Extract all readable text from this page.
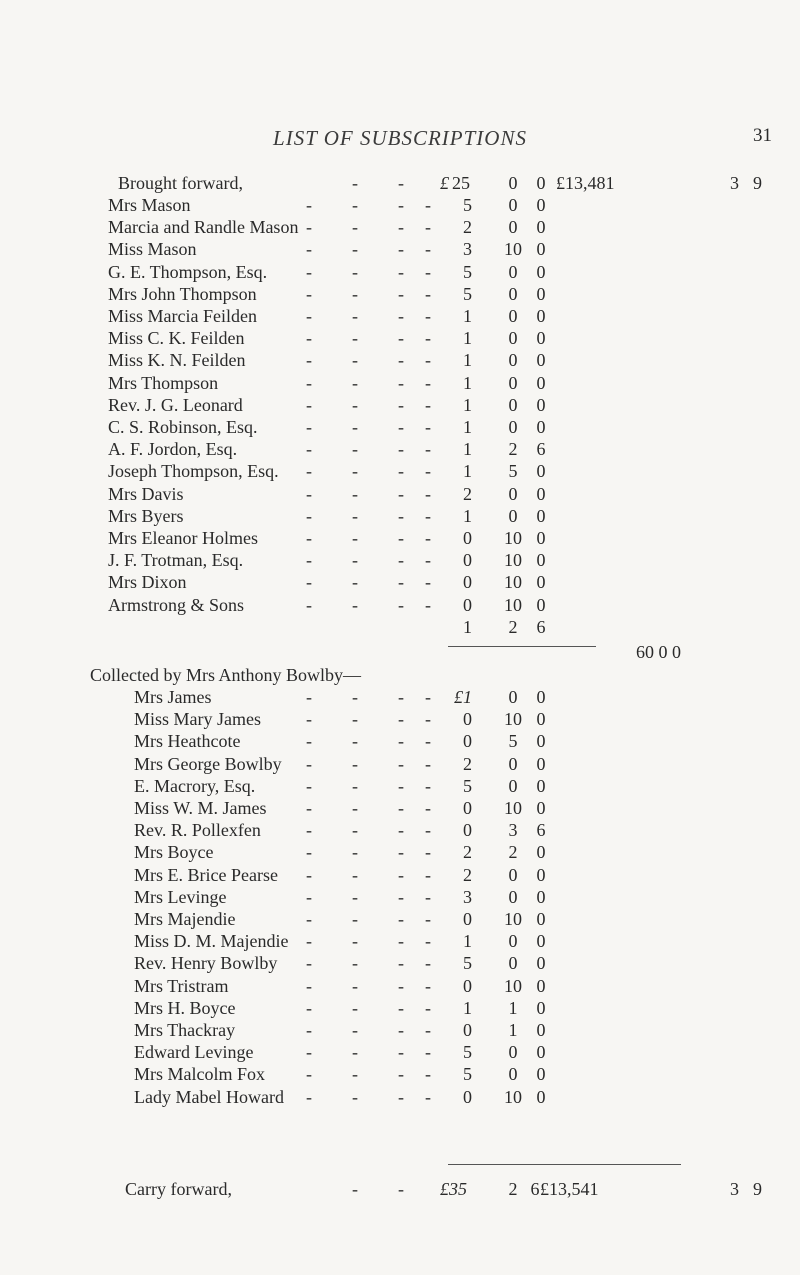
LIST OF SUBSCRIPTIONS	31
Brought forward,	- - £ 25	0	0 £13,481	3 9
Mrs Mason	- - - -	5	0	0
Marcia and Randle Mason - - - -	2	0	0
Miss Mason	- - - -	3 10 0
G. E. Thompson, Esq. - - - -	5	0	0
Mrs John Thompson	- - - -	5	0	0
Miss Marcia Feilden	- - - -	1	0	0
Miss C. K. Feilden	- - - -	1	0	0
Miss K. N. Feilden	- - - -	1	0	0
Mrs Thompson	- - - -	1	0	0
Rev. J. G. Leonard	- - - -	1	0	0
C. S. Robinson, Esq.	- - - -	1	0	0
A. F. Jordon, Esq.	- - - -	1	2	6
Joseph Thompson, Esq. - - - -	1	5	0
Mrs Davis	- - - -	2	0	0
Mrs Byers	- - - -	1	0	0
Mrs Eleanor Holmes	- - - -	0 10 0
J. F. Trotman, Esq.	- - - -	0 10 0
Mrs Dixon	- - - -	0 10 0
Armstrong & Sons	- - - -	0 10 0
1	2	6
60 0 0
Collected by Mrs Anthony Bowlby—
Mrs James	- - - -	£1	0	0
Miss Mary James	- - - -	0 10 0
Mrs Heathcote	- - - -	0	5	0
Mrs George Bowlby - - - -	2	0	0
E. Macrory, Esq.	- - - -	5	0	0
Miss W. M. James - - - -	0 10 0
Rev. R. Pollexfen	- - - -	0	3	6
Mrs Boyce	- - - -	2	2	0
Mrs E. Brice Pearse - - - -	2	0	0
Mrs Levinge	- - - -	3	0	0
Mrs Majendie	- - - -	0 10 0
Miss D. M. Majendie - - - -	1	0	0
Rev. Henry Bowlby - - - -	5	0	0
Mrs Tristram	- - - -	0 10 0
Mrs H. Boyce	- - - -	1	1	0
Mrs Thackray	- - - -	0	1	0
Edward Levinge	- - - -	5	0	0
Mrs Malcolm Fox - - - -	5	0	0
Lady Mabel Howard - - - -	0 10 0
Carry forward,	- - £35	2 6 £13,541	3 9
